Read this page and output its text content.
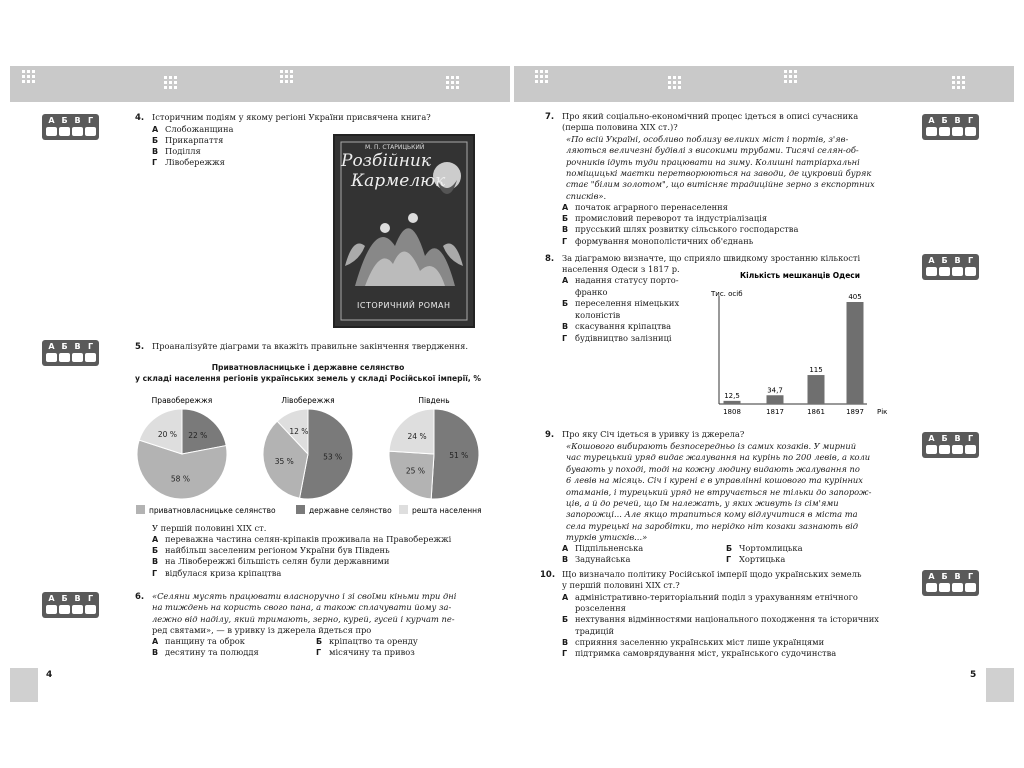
4	5
А Б В Г
А Б В Г
А Б В Г
А Б В Г
А Б В Г
А Б В Г
А Б В Г
4. Історичним подіям у якому регіоні України присвячена книга?
А Слобожанщина
Б Прикарпаття
В Поділля
Г Лівобережжя
М. П. СТАРИЦЬКИЙ
Розбійник
Кармелюк
ІСТОРИЧНИЙ РОМАН
5. Проаналізуйте діаграми та вкажіть правильне закінчення твердження.
Приватновласницьке і державне селянство
у складі населення регіонів українських земель у складі Російської імперії, %
Правобережжя
22 %
58 %
20 %
Лівобережжя
53 %
35 %
12 %
Південь
51 %
25 %
24 %
приватновласницьке селянство	державне селянство	решта населення
У першій половині XIX ст.
А переважна частина селян-кріпаків проживала на Правобережжі
Б найбільш заселеним регіоном України був Південь
В на Лівобережжі більшість селян були державними
Г відбулася криза кріпацтва
6. «Селяни мусять працювати власноручно і зі своїми кіньми три дні
на тиждень на користь свого пана, а також сплачувати йому за-
лежно від наділу, який тримають, зерно, курей, гусей і курчат пе-
ред святами», — в уривку із джерела йдеться про
А панщину та оброк	Б кріпацтво та оренду
В десятину та полюддя	Г місячину та привоз
7. Про який соціально-економічний процес ідеться в описі сучасника
(перша половина XIX ст.)?
«По всій Україні, особливо поблизу великих міст і портів, з'яв-
ляються величезні будівлі з високими трубами. Тисячі селян-об-
рочників ідуть туди працювати на зиму. Колишні патріархальні
поміщицькі маєтки перетворюються на заводи, де цукровий буряк
стає "білим золотом", що витісняє традиційне зерно з експортних
списків».
А початок аграрного перенаселення
Б промисловий переворот та індустріалізація
В прусський шлях розвитку сільського господарства
Г формування монополістичних об'єднань
8. За діаграмою визначте, що сприяло швидкому зростанню кількості
населення Одеси з 1817 р.
А надання статусу порто-
франко
Б переселення німецьких
колоністів
В скасування кріпацтва
Г будівництво залізниці
Кількість мешканців Одеси
Тис. осіб
12,5
1808
34,7
1817
115
1861
405
1897 Рік
9. Про яку Січ ідеться в уривку із джерела?
«Кошового вибирають безпосередньо із самих козаків. У мирний
час турецький уряд видає жалування на курінь по 200 левів, а коли
бувають у поході, тоді на кожну людину видають жалування по
6 левів на місяць. Січ і курені є в управлінні кошового та курінних
отаманів, і турецький уряд не втручається не тільки до запорож-
ців, а й до речей, що їм належать, у яких живуть із сім'ями
запорожці... Але якщо трапиться кому відлучитися в міста та
села турецькі на заробітки, то нерідко ніт козаки зазнають від
турків утисків...»
А Підпільненська	Б Чортомлицька
В Задунайська	Г Хортицька
10. Що визначало політику Російської імперії щодо українських земель
у першій половині XIX ст.?
А адміністративно-територіальний поділ з урахуванням етнічного
розселення
Б нехтування відмінностями національного походження та історичних
традицій
В сприяння заселенню українських міст лише українцями
Г підтримка самоврядування міст, українського судочинства
